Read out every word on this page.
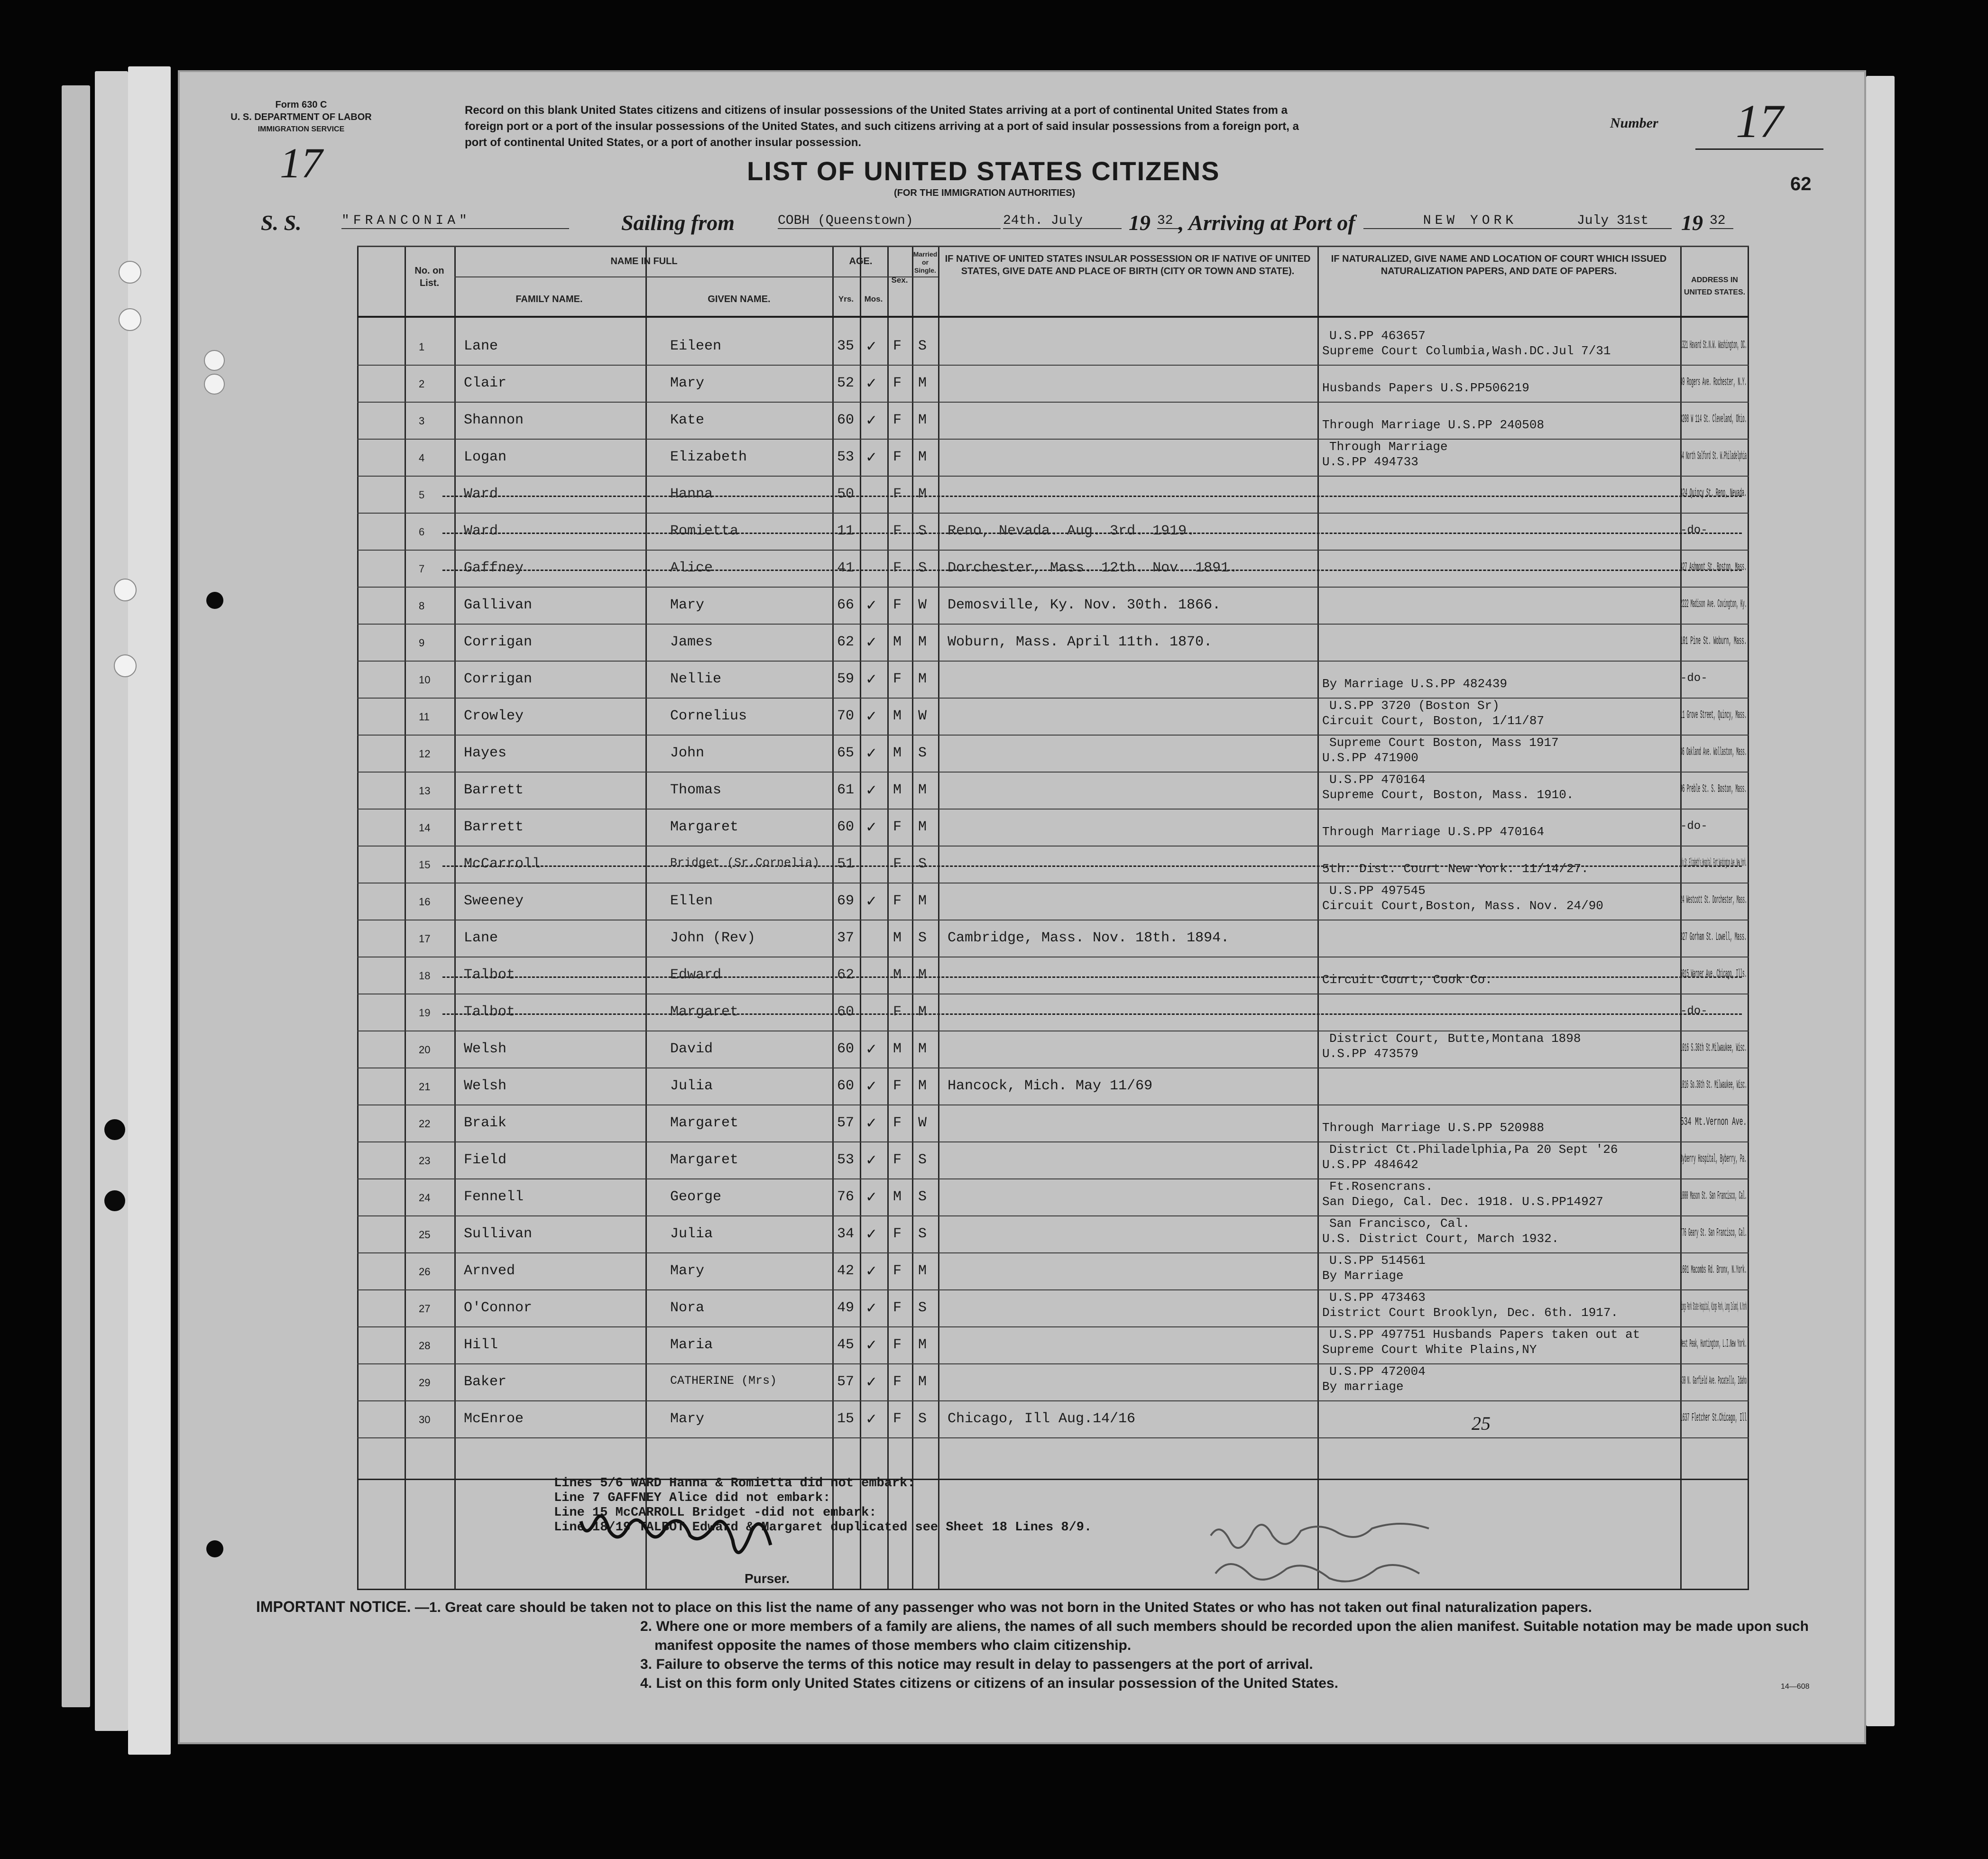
Form 630 C
U. S. DEPARTMENT OF LABOR
IMMIGRATION SERVICE
17
Record on this blank United States citizens and citizens of insular possessions of the United States arriving at a port of continental United States from a
foreign port or a port of the insular possessions of the United States, and such citizens arriving at a port of said insular possessions from a foreign port, a
port of continental United States, or a port of another insular possession.
Number	17
LIST OF UNITED STATES CITIZENS
(FOR THE IMMIGRATION AUTHORITIES)	62
S. S.	"FRANCONIA"	Sailing from	COBH (Queenstown)	24th. July	19 32 , Arriving at Port of	NEW YORK	July 31st	19 32
No. on List.
NAME IN FULL
FAMILY NAME.	GIVEN NAME.
AGE.
Yrs.	Mos.
Sex.
Married or Single.
IF NATIVE OF UNITED STATES INSULAR POSSESSION OR IF NATIVE OF UNITED STATES, GIVE DATE AND PLACE OF BIRTH (CITY OR TOWN AND STATE).
IF NATURALIZED, GIVE NAME AND LOCATION OF COURT WHICH ISSUED NATURALIZATION PAPERS, AND DATE OF PAPERS.
ADDRESS IN UNITED STATES.
1	Lane	Eileen	35 ✓ F S
U.S.PP 463657
Supreme Court Columbia,Wash.DC.Jul 7/31	1321 Havard St.N.W. Washington, DC.
2	Clair	Mary	52 ✓ F M	Husbands Papers U.S.PP506219	49 Rogers Ave. Rochester, N.Y.
3	Shannon	Kate	60 ✓ F M	Through Marriage U.S.PP 240508	3208 W 114 St. Cleveland, Ohio.
4	Logan	Elizabeth	53 ✓ F M
Through Marriage
U.S.PP 494733	54 North Salford St. W.Philadelphia
5	Ward	Hanna	50	F M	424 Quincy St. Reno, Nevada.
6	Ward	Romietta	11	F S Reno, Nevada. Aug. 3rd. 1919.	-do-
7	Gaffney	Alice	41	F S Dorchester, Mass. 12th. Nov. 1891.	427 Ashmont St. Boston, Mass.
8	Gallivan	Mary	66 ✓ F W Demosville, Ky. Nov. 30th. 1866.	2222 Madison Ave. Covington, Ky.
9	Corrigan	James	62 ✓ M M Woburn, Mass. April 11th. 1870.	101 Pine St. Woburn, Mass.
10 Corrigan	Nellie	59 ✓ F M	By Marriage U.S.PP 482439	-do-
11 Crowley	Cornelius	70 ✓ M W
U.S.PP 3720 (Boston Sr)
Circuit Court, Boston, 1/11/87	11 Grove Street, Quincy, Mass.
12 Hayes	John	65 ✓ M S
Supreme Court Boston, Mass 1917
U.S.PP 471900	36 Oakland Ave. Wollaston, Mass.
13 Barrett	Thomas	61 ✓ M M
U.S.PP 470164
Supreme Court, Boston, Mass. 1910.	96 Preble St. S. Boston, Mass.
14 Barrett	Margaret	60 ✓ F M	Through Marriage U.S.PP 470164	-do-
15 McCarroll	Bridget (Sr.Cornelia) 51	F S	5th. Dist. Court New York. 11/14/27.	c/o St. Elizabeth's Hospital, Fort Washington Ave. New York.
16 Sweeney	Ellen	69 ✓ F M
U.S.PP 497545
Circuit Court,Boston, Mass. Nov. 24/90	24 Westcott St. Dorchester, Mass.
17 Lane	John (Rev)	37	M S Cambridge, Mass. Nov. 18th. 1894.	327 Gorham St. Lowell, Mass.
18 Talbot	Edward	62	M M	Circuit Court, Cook Co.	6015 Warner Ave. Chicago, Ills.
19 Talbot	Margaret	60	F M	-do-
20 Welsh	David	60 ✓ M M
District Court, Butte,Montana 1898
U.S.PP 473579	1016 S.36th St.Milwaukee, Wisc.
21 Welsh	Julia	60 ✓ F M Hancock, Mich. May 11/69	1016 So.36th St. Milwaukee, Wisc.
22 Braik	Margaret	57 ✓ F W	Through Marriage U.S.PP 520988	534 Mt.Vernon Ave.
23 Field	Margaret	53 ✓ F S
District Ct.Philadelphia,Pa 20 Sept '26
U.S.PP 484642	Byberry Hospital, Byberry, Pa.
24 Fennell	George	76 ✓ M S
Ft.Rosencrans.
San Diego, Cal. Dec. 1918. U.S.PP14927	1000 Mason St. San Francisco, Cal.
25 Sullivan	Julia	34 ✓ F S
San Francisco, Cal.
U.S. District Court, March 1932.	776 Geary St. San Francisco, Cal.
26 Arnved	Mary	42 ✓ F M
U.S.PP 514561
By Marriage	1601 Macombs Rd. Bronx, N.York.
27 O'Connor	Nora	49 ✓ F S
U.S.PP 473463
District Court Brooklyn, Dec. 6th. 1917.	Kings Park State Hospital, Kings Park, Long Island, N.York
28 Hill	Maria	45 ✓ F M
U.S.PP 497751 Husbands Papers taken out at
Supreme Court White Plains,NY	West Peak, Huntington, L.I.New York.
29 Baker	CATHERINE (Mrs)	57 ✓ F M
U.S.PP 472004
By marriage	430 N. Garfield Ave. Pocatello, Idaho
30 McEnroe	Mary	15 ✓ F S Chicago, Ill Aug.14/16	1637 Fletcher St.Chicago, Ill
Lines 5/6 WARD Hanna & Romietta did not embark:
Line 7 GAFFNEY Alice did not embark:
Line 15 McCARROLL Bridget -did not embark:
Line 18/19 TALBOT Edward & Margaret duplicated see Sheet 18 Lines 8/9.
25
Purser.
IMPORTANT NOTICE. —1. Great care should be taken not to place on this list the name of any passenger who was not born in the United States or who has not taken out final naturalization papers.
2. Where one or more members of a family are aliens, the names of all such members should be recorded upon the alien manifest. Suitable notation may be made upon such
manifest opposite the names of those members who claim citizenship.
3. Failure to observe the terms of this notice may result in delay to passengers at the port of arrival.
4. List on this form only United States citizens or citizens of an insular possession of the United States.	14—608
